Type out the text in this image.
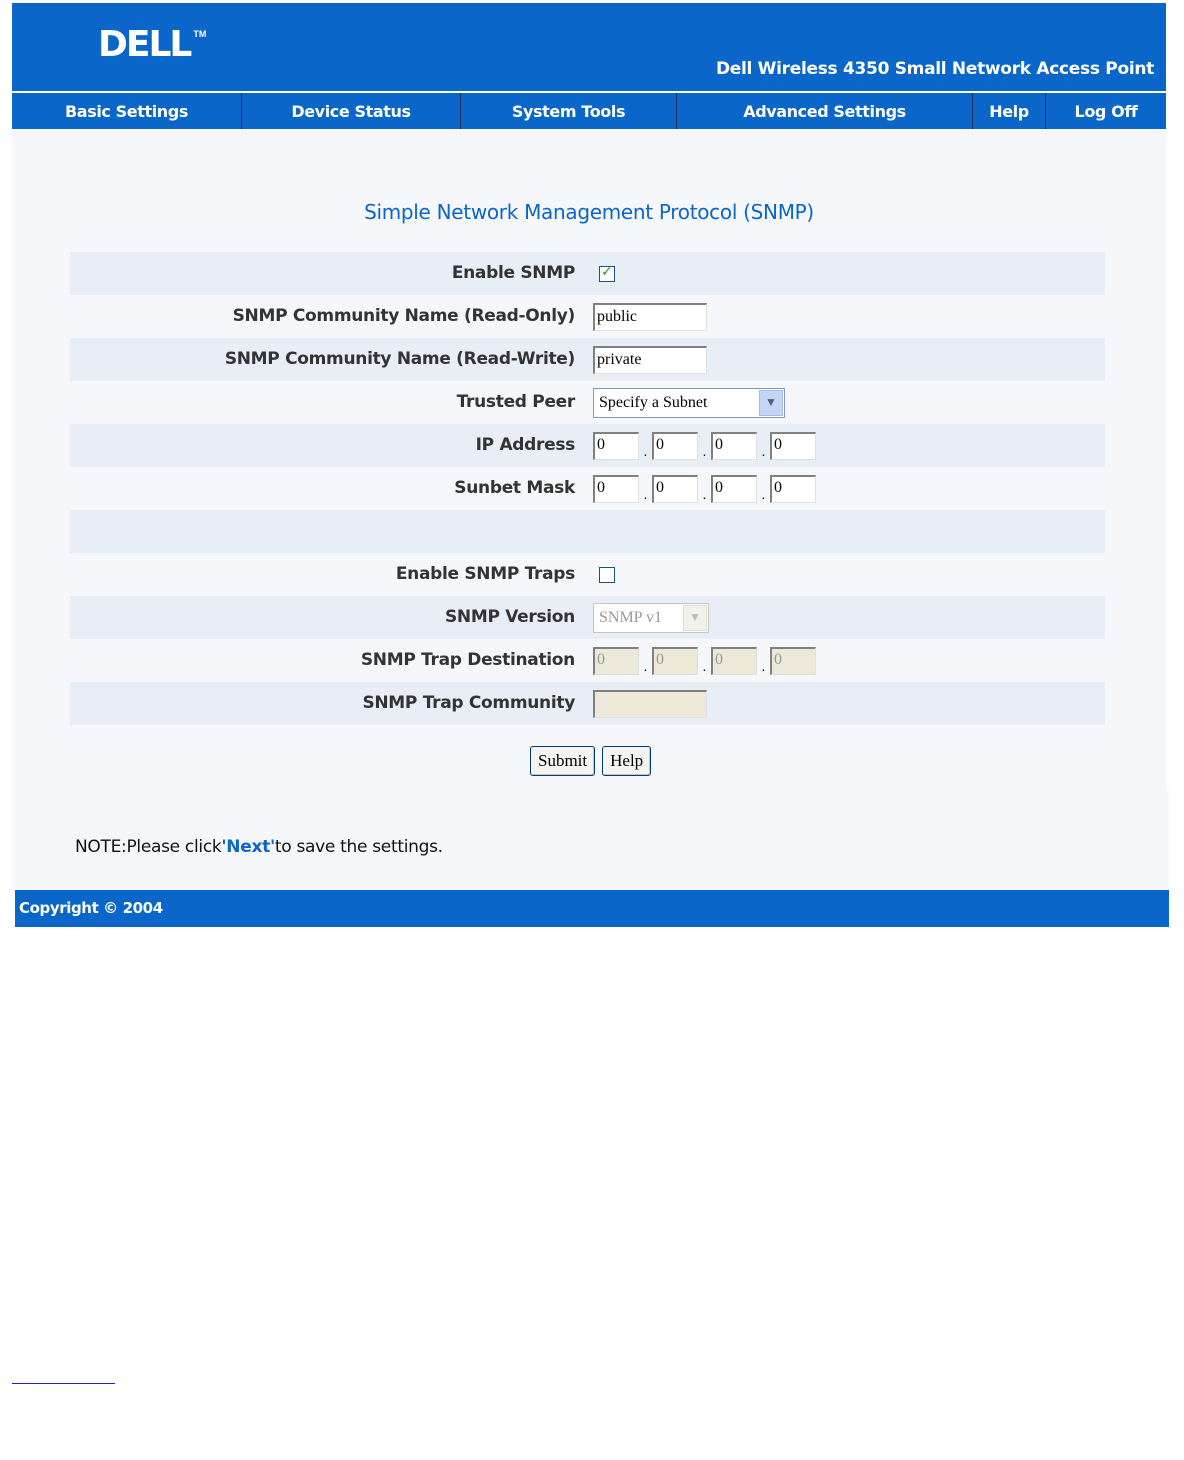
DELL TM
Dell Wireless 4350 Small Network Access Point
Basic Settings	Device Status	System Tools	Advanced Settings	Help	Log Off
Simple Network Management Protocol (SNMP)
Enable SNMP ✓
SNMP Community Name (Read-Only) public
SNMP Community Name (Read-Write) private
Trusted Peer	Specify a Subnet	▼
IP Address 0	. 0	. 0	. 0
Sunbet Mask 0	. 0	. 0	. 0
Enable SNMP Traps
SNMP Version	SNMP v1	▼
SNMP Trap Destination 0	. 0	. 0	. 0
SNMP Trap Community
Submit	Help
NOTE:Please click'Next'to save the settings.
Copyright © 2004
